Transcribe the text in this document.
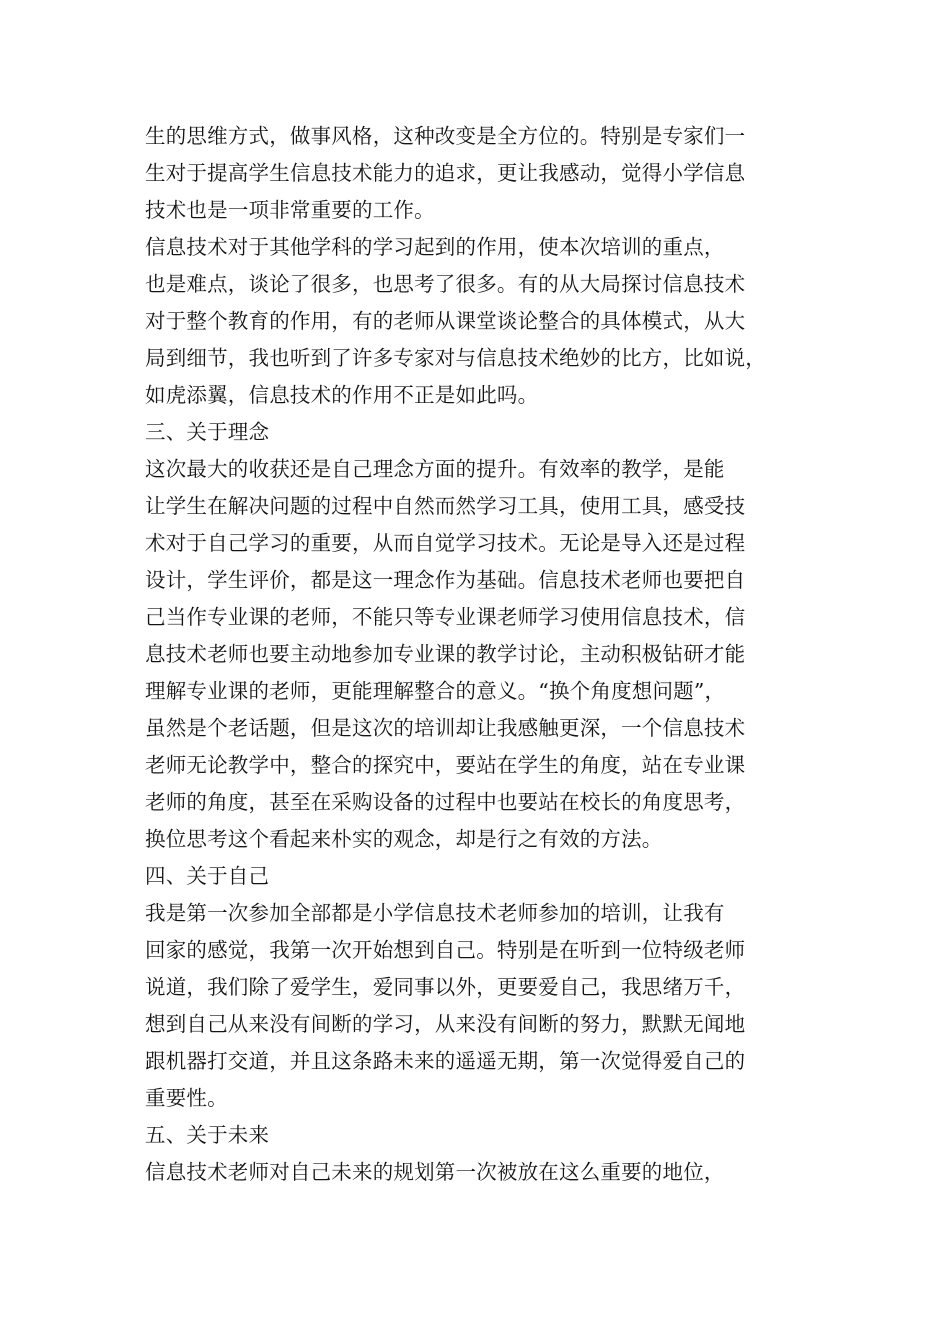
生的思维方式，做事风格，这种改变是全方位的。特别是专家们一
生对于提高学生信息技术能力的追求，更让我感动，觉得小学信息
技术也是一项非常重要的工作。
信息技术对于其他学科的学习起到的作用，使本次培训的重点，
也是难点，谈论了很多，也思考了很多。有的从大局探讨信息技术
对于整个教育的作用，有的老师从课堂谈论整合的具体模式，从大
局到细节，我也听到了许多专家对与信息技术绝妙的比方，比如说，
如虎添翼，信息技术的作用不正是如此吗。
三、关于理念
这次最大的收获还是自己理念方面的提升。有效率的教学，是能
让学生在解决问题的过程中自然而然学习工具，使用工具，感受技
术对于自己学习的重要，从而自觉学习技术。无论是导入还是过程
设计，学生评价，都是这一理念作为基础。信息技术老师也要把自
己当作专业课的老师，不能只等专业课老师学习使用信息技术，信
息技术老师也要主动地参加专业课的教学讨论，主动积极钻研才能
理解专业课的老师，更能理解整合的意义。“换个角度想问题”，
虽然是个老话题，但是这次的培训却让我感触更深，一个信息技术
老师无论教学中，整合的探究中，要站在学生的角度，站在专业课
老师的角度，甚至在采购设备的过程中也要站在校长的角度思考，
换位思考这个看起来朴实的观念，却是行之有效的方法。
四、关于自己
我是第一次参加全部都是小学信息技术老师参加的培训，让我有
回家的感觉，我第一次开始想到自己。特别是在听到一位特级老师
说道，我们除了爱学生，爱同事以外，更要爱自己，我思绪万千，
想到自己从来没有间断的学习，从来没有间断的努力，默默无闻地
跟机器打交道，并且这条路未来的遥遥无期，第一次觉得爱自己的
重要性。
五、关于未来
信息技术老师对自己未来的规划第一次被放在这么重要的地位，
